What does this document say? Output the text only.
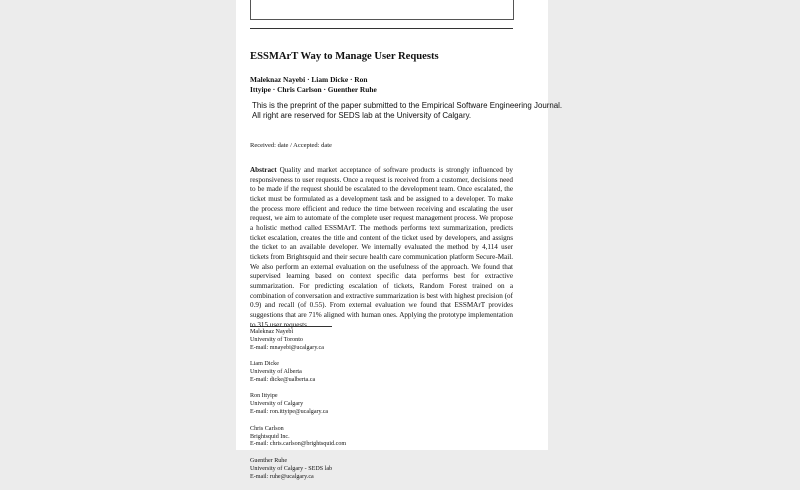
ESSMArT Way to Manage User Requests
Maleknaz Nayebi · Liam Dicke · Ron
Ittyipe · Chris Carlson · Guenther Ruhe
This is the preprint of the paper submitted to the Empirical Software Engineering Journal.
All right are reserved for SEDS lab at the University of Calgary.
Received: date / Accepted: date
Abstract Quality and market acceptance of software products is strongly influenced by responsiveness to user requests. Once a request is received from a customer, decisions need to be made if the request should be escalated to the development team. Once escalated, the ticket must be formulated as a development task and be assigned to a developer. To make the process more efficient and reduce the time between receiving and escalating the user request, we aim to automate of the complete user request management process. We propose a holistic method called ESSMArT. The methods performs text summarization, predicts ticket escalation, creates the title and content of the ticket used by developers, and assigns the ticket to an available developer. We internally evaluated the method by 4,114 user tickets from Brightsquid and their secure health care communication platform Secure-Mail. We also perform an external evaluation on the usefulness of the approach. We found that supervised learning based on context specific data performs best for extractive summarization. For predicting escalation of tickets, Random Forest trained on a combination of conversation and extractive summarization is best with highest precision (of 0.9) and recall (of 0.55). From external evaluation we found that ESSMArT provides suggestions that are 71% aligned with human ones. Applying the prototype implementation to 315 user requests
Maleknaz Nayebi
University of Toronto
E-mail: mnayebi@ucalgary.ca
Liam Dicke
University of Alberta
E-mail: dicke@ualberta.ca
Ron Ittyipe
University of Calgary
E-mail: ron.ittyipe@ucalgary.ca
Chris Carlson
Brightsquid Inc.
E-mail: chris.carlson@brightsquid.com
Guenther Ruhe
University of Calgary - SEDS lab
E-mail: ruhe@ucalgary.ca
